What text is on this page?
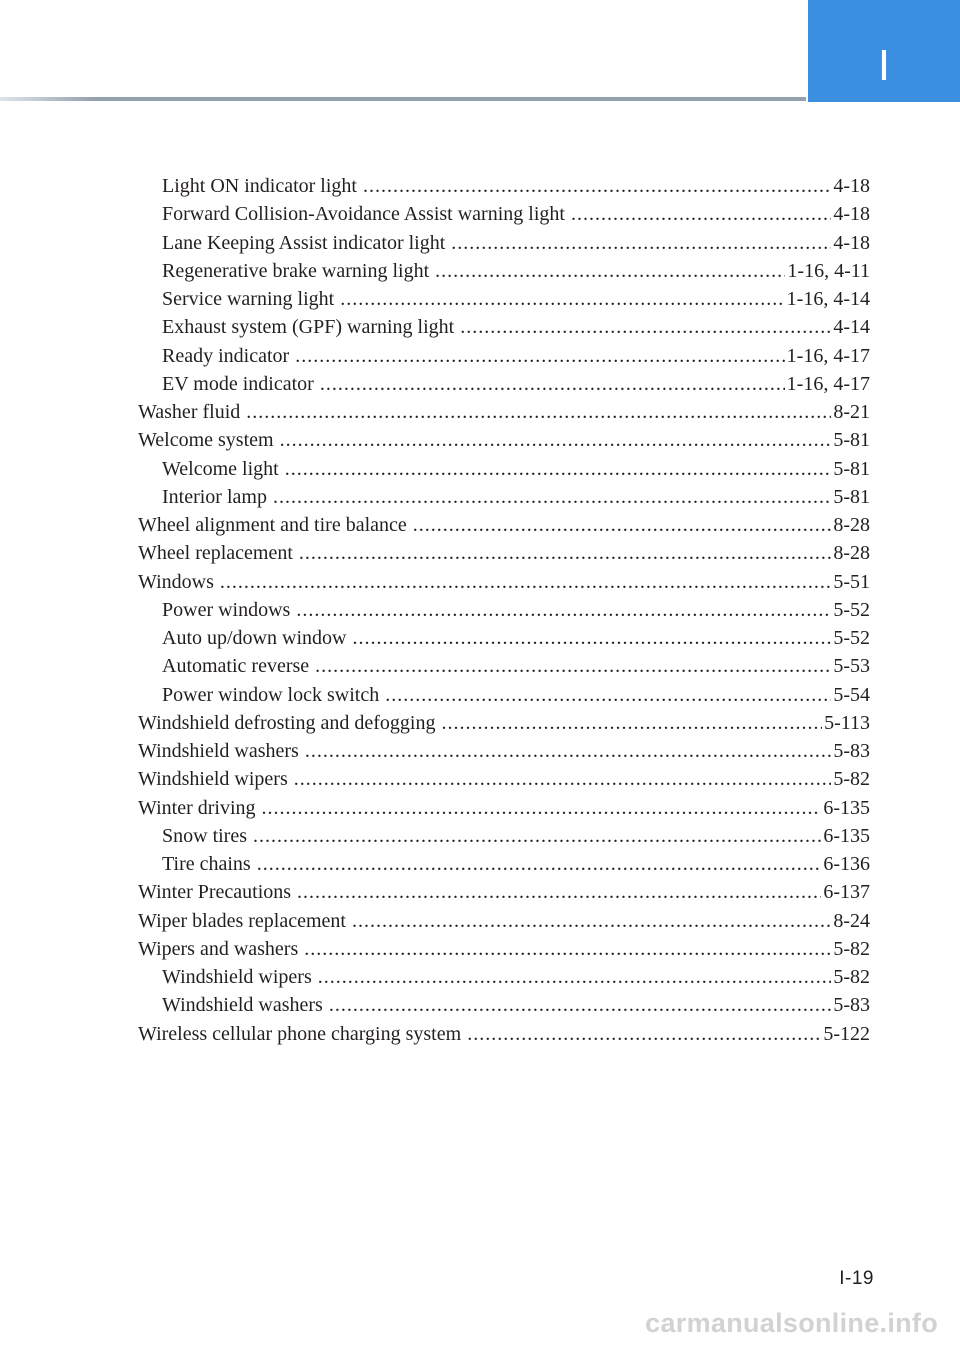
I
Light ON indicator light .....	4-18
Forward Collision-Avoidance Assist warning light .....	4-18
Lane Keeping Assist indicator light .....	4-18
Regenerative brake warning light .....	1-16, 4-11
Service warning light .....	1-16, 4-14
Exhaust system (GPF) warning light .....	4-14
Ready indicator .....	1-16, 4-17
EV mode indicator .....	1-16, 4-17
Washer fluid .....	8-21
Welcome system .....	5-81
Welcome light .....	5-81
Interior lamp .....	5-81
Wheel alignment and tire balance .....	8-28
Wheel replacement .....	8-28
Windows .....	5-51
Power windows .....	5-52
Auto up/down window .....	5-52
Automatic reverse .....	5-53
Power window lock switch .....	5-54
Windshield defrosting and defogging .....	5-113
Windshield washers .....	5-83
Windshield wipers .....	5-82
Winter driving .....	6-135
Snow tires .....	6-135
Tire chains .....	6-136
Winter Precautions .....	6-137
Wiper blades replacement .....	8-24
Wipers and washers .....	5-82
Windshield wipers .....	5-82
Windshield washers .....	5-83
Wireless cellular phone charging system .....	5-122
I-19
carmanualsonline.info
